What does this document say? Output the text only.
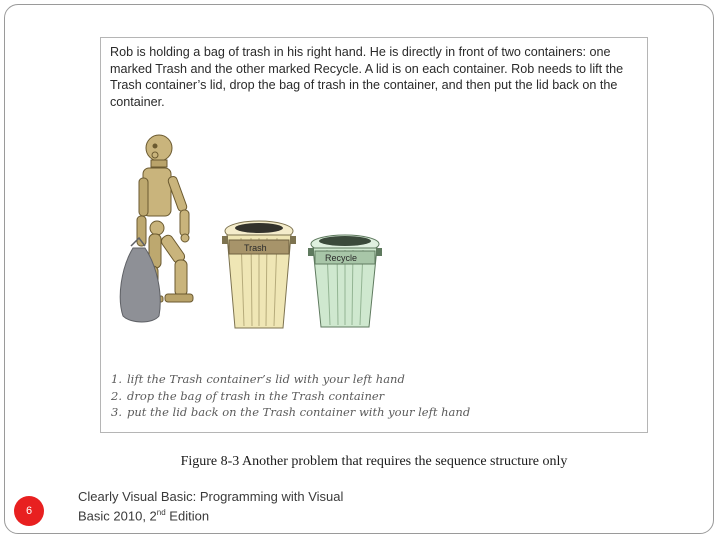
Rob is holding a bag of trash in his right hand. He is directly in front of two containers: one marked Trash and the other marked Recycle. A lid is on each container. Rob needs to lift the Trash container’s lid, drop the bag of trash in the container, and then put the lid back on the container.

Trash
Recycle
1. lift the Trash container’s lid with your left hand
2. drop the bag of trash in the Trash container
3. put the lid back on the Trash container with your left hand
Figure 8-3 Another problem that requires the sequence structure only
6
Clearly Visual Basic: Programming with Visual
Basic 2010, 2nd Edition
